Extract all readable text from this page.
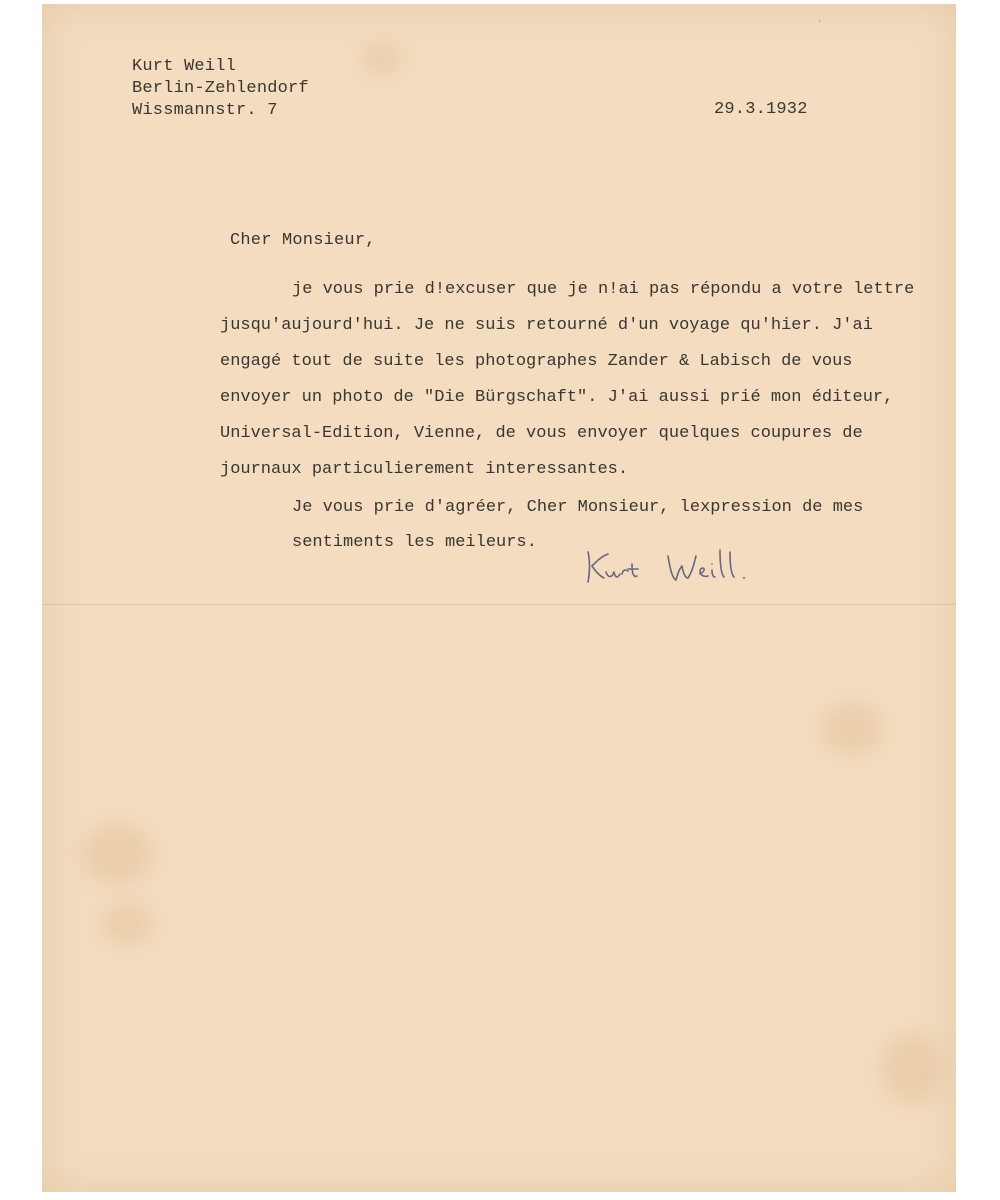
Kurt Weill
Berlin-Zehlendorf
Wissmannstr. 7	29.3.1932
Cher Monsieur,
je vous prie d!excuser que je n!ai pas répondu a votre lettre
jusqu'aujourd'hui. Je ne suis retourné d'un voyage qu'hier. J'ai
engagé tout de suite les photographes Zander & Labisch de vous
envoyer un photo de "Die Bürgschaft". J'ai aussi prié mon éditeur,
Universal-Edition, Vienne, de vous envoyer quelques coupures de
journaux particulierement interessantes.
Je vous prie d'agréer, Cher Monsieur, lexpression de mes
sentiments les meileurs.
·
